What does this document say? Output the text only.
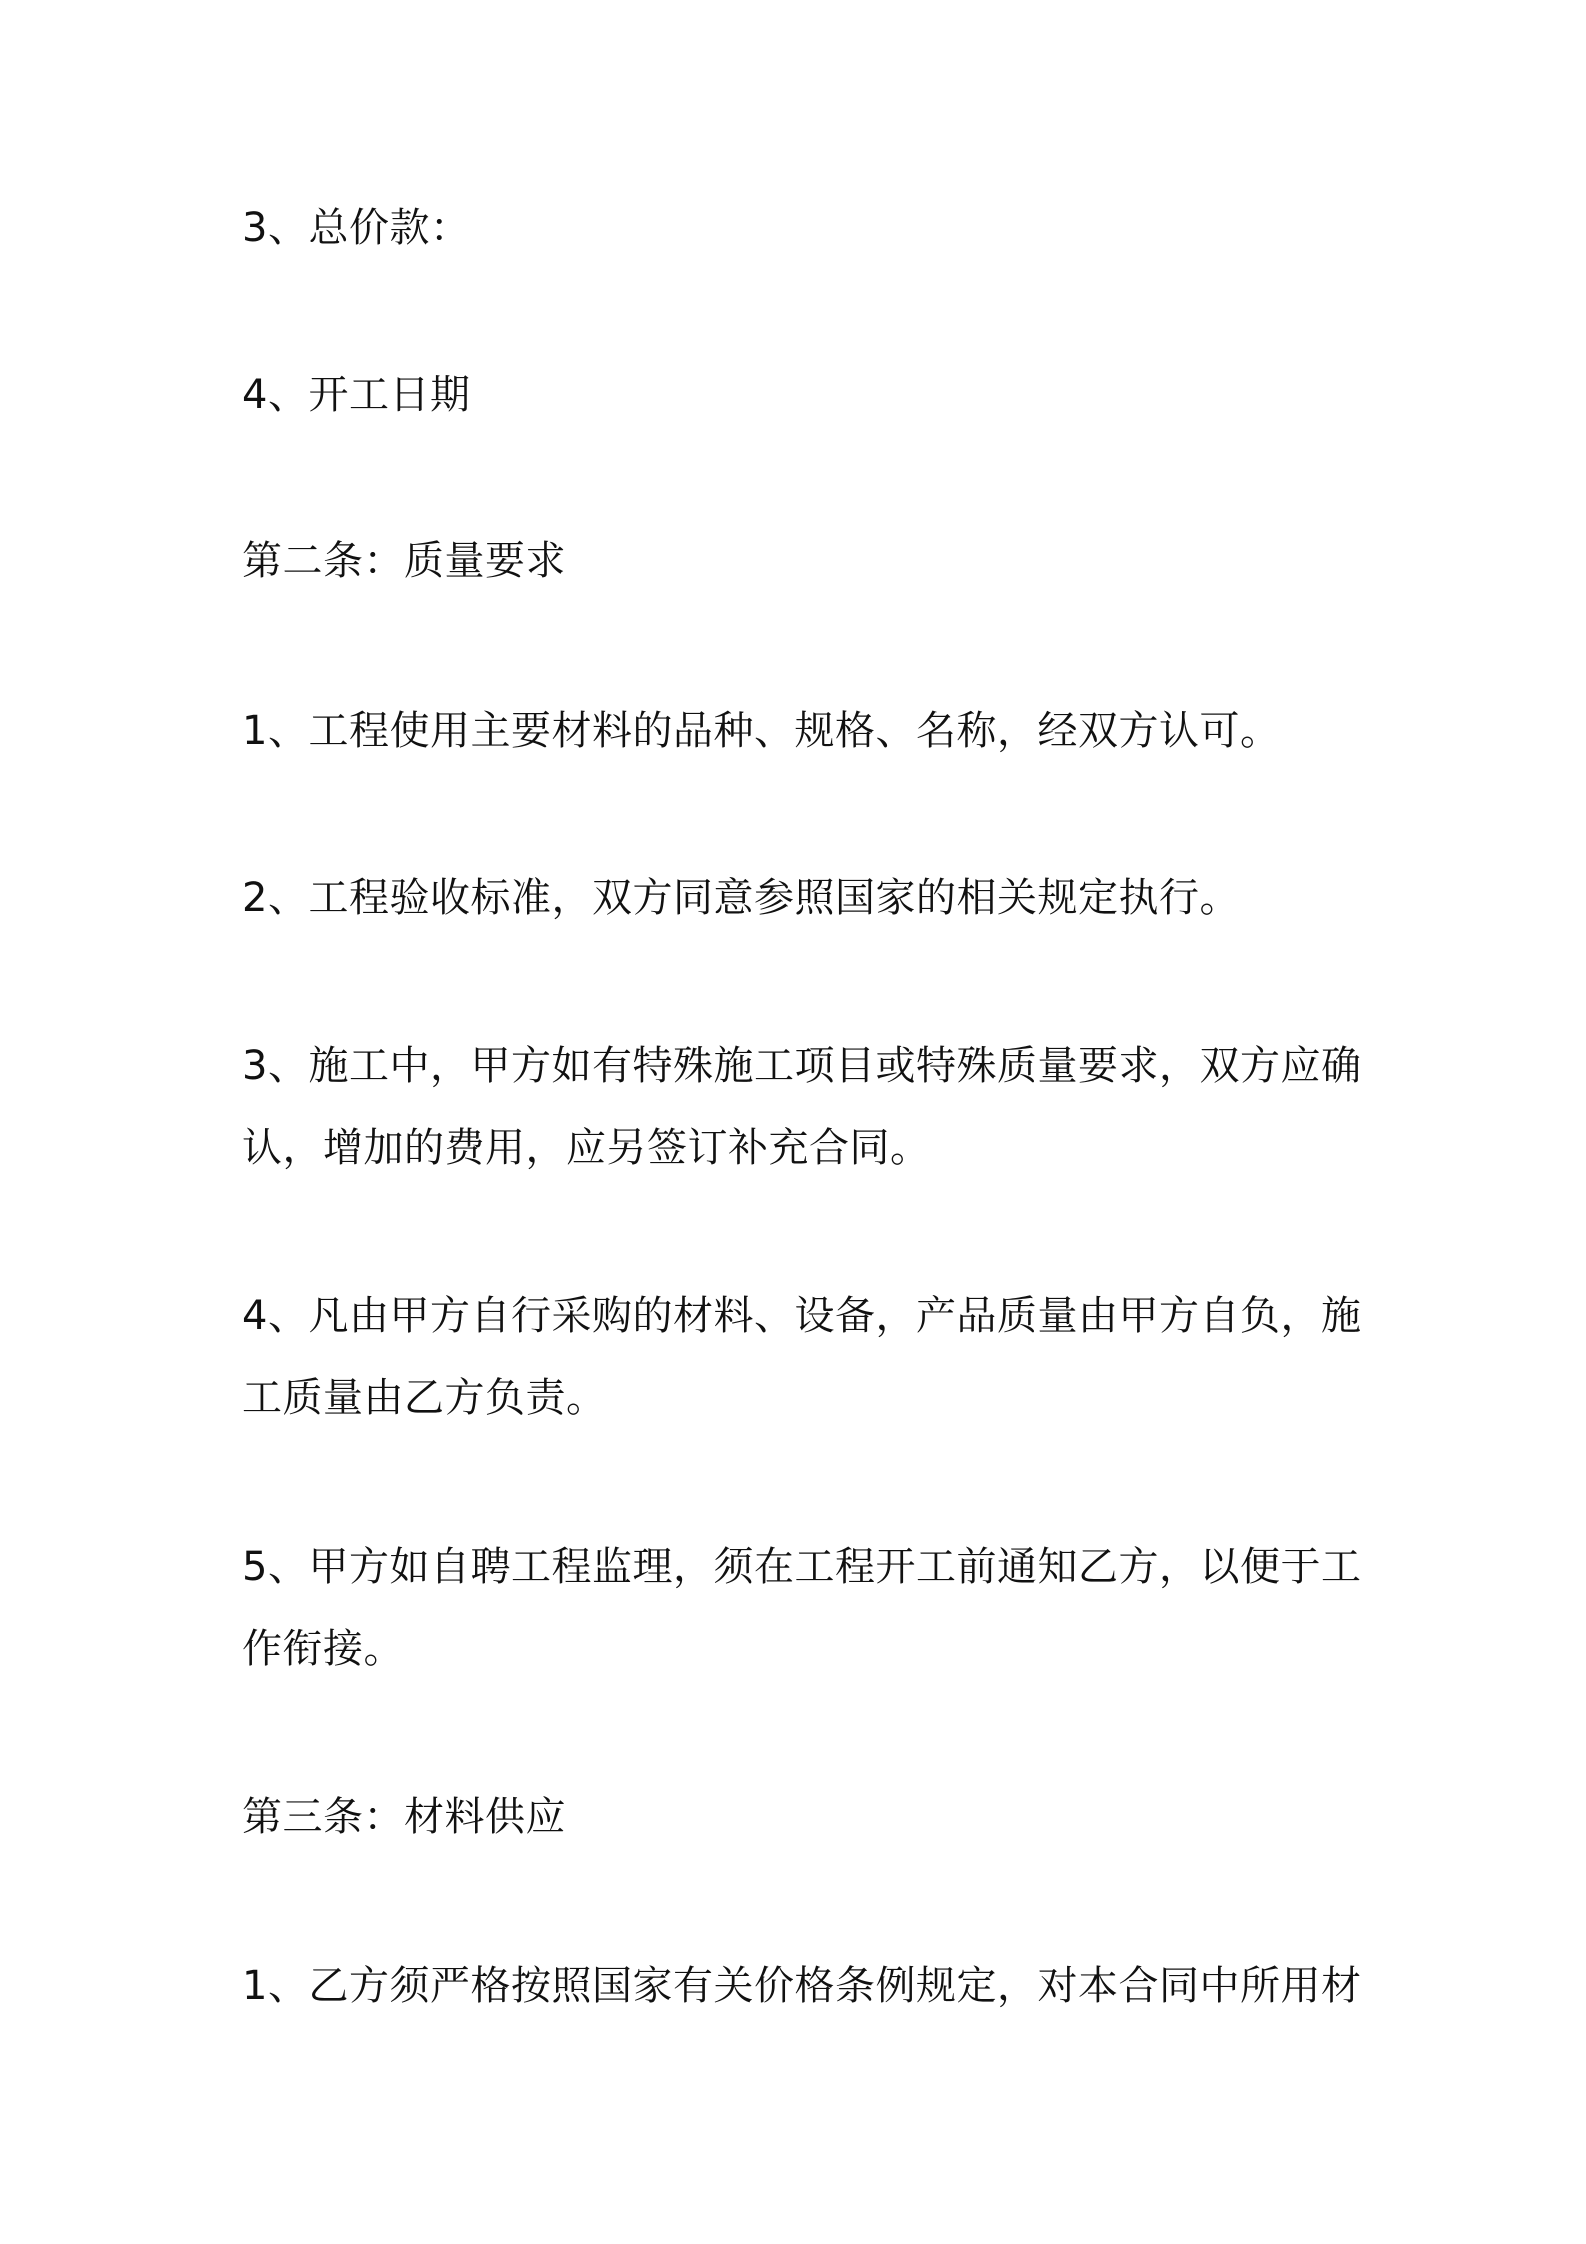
3、总价款：

4、开工日期

第二条：质量要求

1、工程使用主要材料的品种、规格、名称，经双方认可。

2、工程验收标准，双方同意参照国家的相关规定执行。

3、施工中，甲方如有特殊施工项目或特殊质量要求，双方应确

认，增加的费用，应另签订补充合同。

4、凡由甲方自行采购的材料、设备，产品质量由甲方自负，施

工质量由乙方负责。

5、甲方如自聘工程监理，须在工程开工前通知乙方，以便于工

作衔接。

第三条：材料供应

1、乙方须严格按照国家有关价格条例规定，对本合同中所用材
